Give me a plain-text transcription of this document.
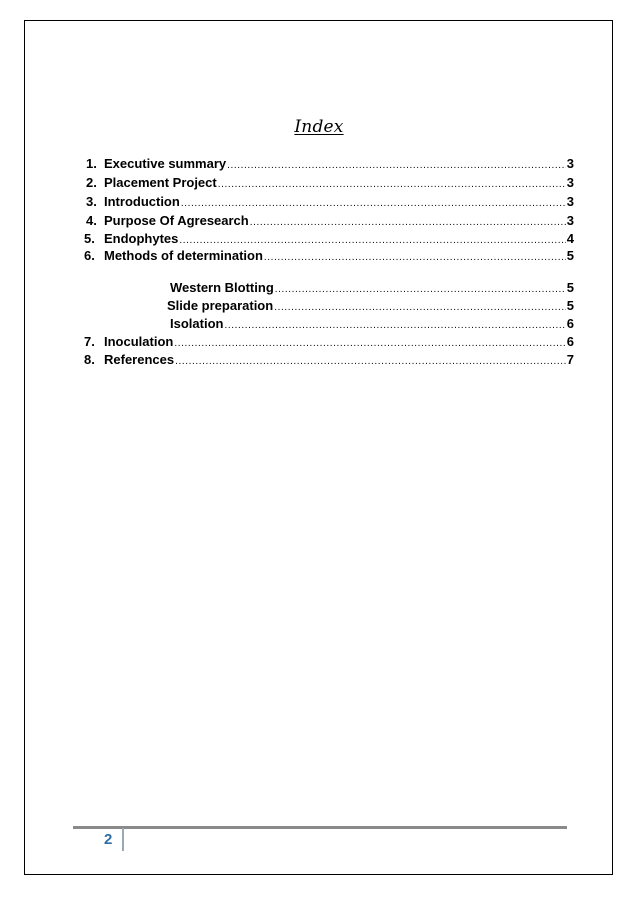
Index
1. Executive summary .....	3
2. Placement Project .....	3
3. Introduction .....	3
4. Purpose Of Agresearch .....	3
5. Endophytes .....	4
6. Methods of determination .....	5
Western Blotting .....	5
Slide preparation .....	5
Isolation .....	6
7. Inoculation .....	6
8. References .....	7
2
